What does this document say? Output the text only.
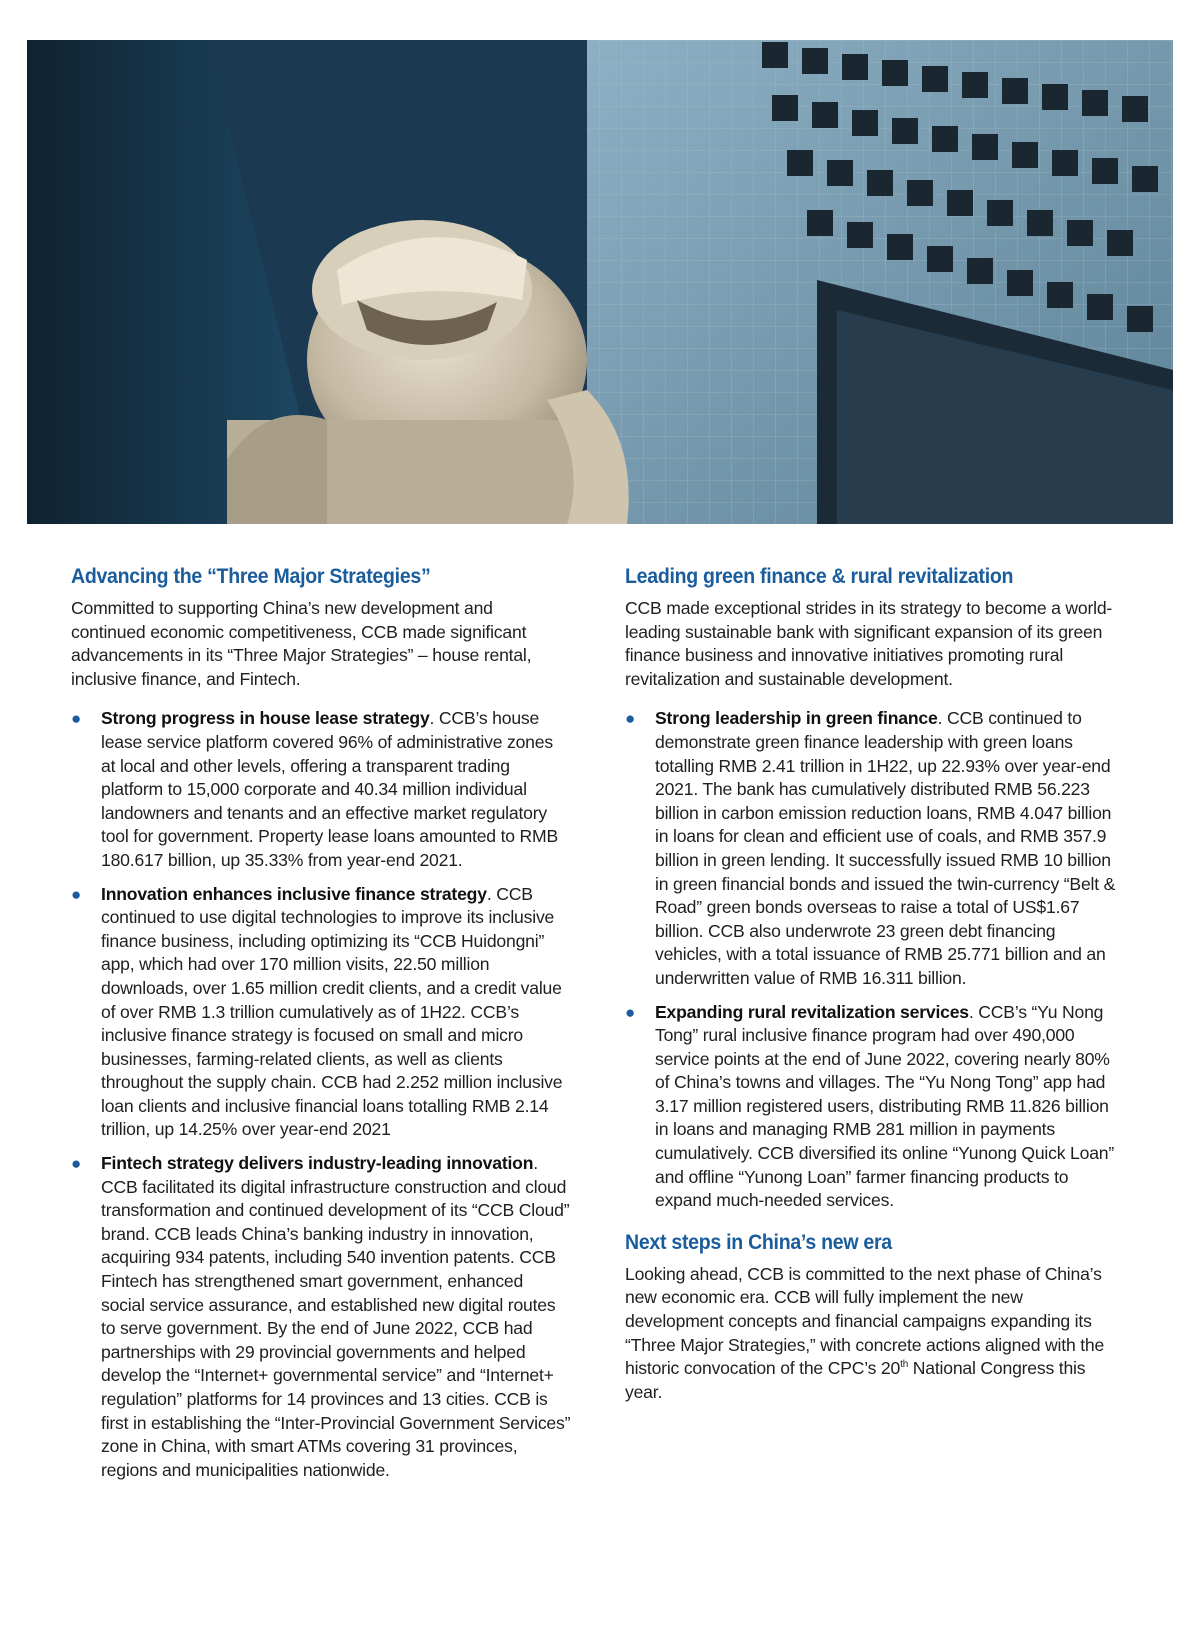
Advancing the “Three Major Strategies”

Committed to supporting China’s new development and continued economic competitiveness, CCB made significant advancements in its “Three Major Strategies” – house rental, inclusive finance, and Fintech.

● Strong progress in house lease strategy. CCB’s house lease service platform covered 96% of administrative zones at local and other levels, offering a transparent trading platform to 15,000 corporate and 40.34 million individual landowners and tenants and an effective market regulatory tool for government. Property lease loans amounted to RMB 180.617 billion, up 35.33% from year-end 2021.
● Innovation enhances inclusive finance strategy. CCB continued to use digital technologies to improve its inclusive finance business, including optimizing its “CCB Huidongni” app, which had over 170 million visits, 22.50 million downloads, over 1.65 million credit clients, and a credit value of over RMB 1.3 trillion cumulatively as of 1H22. CCB’s inclusive finance strategy is focused on small and micro businesses, farming-related clients, as well as clients throughout the supply chain. CCB had 2.252 million inclusive loan clients and inclusive financial loans totalling RMB 2.14 trillion, up 14.25% over year-end 2021
● Fintech strategy delivers industry-leading innovation. CCB facilitated its digital infrastructure construction and cloud transformation and continued development of its “CCB Cloud” brand. CCB leads China’s banking industry in innovation, acquiring 934 patents, including 540 invention patents. CCB Fintech has strengthened smart government, enhanced social service assurance, and established new digital routes to serve government. By the end of June 2022, CCB had partnerships with 29 provincial governments and helped develop the “Internet+ governmental service” and “Internet+ regulation” platforms for 14 provinces and 13 cities. CCB is first in establishing the “Inter-Provincial Government Services” zone in China, with smart ATMs covering 31 provinces, regions and municipalities nationwide.
Leading green finance & rural revitalization

CCB made exceptional strides in its strategy to become a world-leading sustainable bank with significant expansion of its green finance business and innovative initiatives promoting rural revitalization and sustainable development.

● Strong leadership in green finance. CCB continued to demonstrate green finance leadership with green loans totalling RMB 2.41 trillion in 1H22, up 22.93% over year-end 2021. The bank has cumulatively distributed RMB 56.223 billion in carbon emission reduction loans, RMB 4.047 billion in loans for clean and efficient use of coals, and RMB 357.9 billion in green lending. It successfully issued RMB 10 billion in green financial bonds and issued the twin-currency “Belt & Road” green bonds overseas to raise a total of US$1.67 billion. CCB also underwrote 23 green debt financing vehicles, with a total issuance of RMB 25.771 billion and an underwritten value of RMB 16.311 billion.
● Expanding rural revitalization services. CCB’s “Yu Nong Tong” rural inclusive finance program had over 490,000 service points at the end of June 2022, covering nearly 80% of China’s towns and villages. The “Yu Nong Tong” app had 3.17 million registered users, distributing RMB 11.826 billion in loans and managing RMB 281 million in payments cumulatively. CCB diversified its online “Yunong Quick Loan” and offline “Yunong Loan” farmer financing products to expand much-needed services.
Next steps in China’s new era

Looking ahead, CCB is committed to the next phase of China’s new economic era. CCB will fully implement the new development concepts and financial campaigns expanding its “Three Major Strategies,” with concrete actions aligned with the historic convocation of the CPC’s 20th National Congress this year.
